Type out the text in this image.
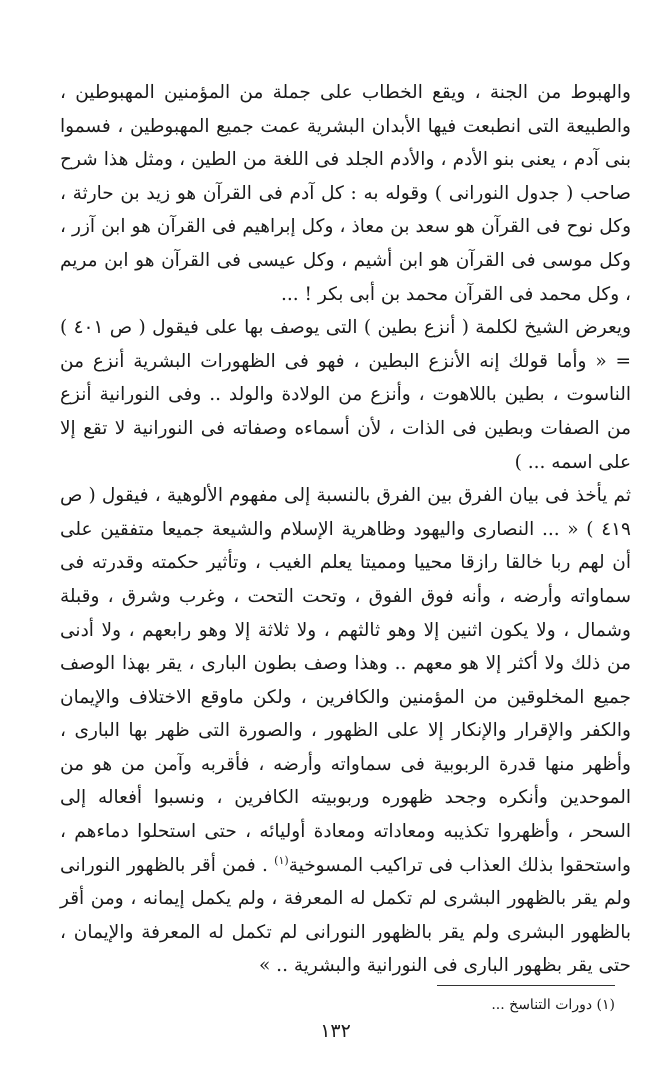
والهبوط من الجنة ، ويقع الخطاب على جملة من المؤمنين المهبوطين ، والطبيعة التى انطبعت فيها الأبدان البشرية عمت جميع المهبوطين ، فسموا بنى آدم ، يعنى بنو الأدم ، والأدم الجلد فى اللغة من الطين ، ومثل هذا شرح صاحب ( جدول النورانى ) وقوله به : كل آدم فى القرآن هو زيد بن حارثة ، وكل نوح فى القرآن هو سعد بن معاذ ، وكل إبراهيم فى القرآن هو ابن آزر ، وكل موسى فى القرآن هو ابن أشيم ، وكل عيسى فى القرآن هو ابن مريم ، وكل محمد فى القرآن محمد بن أبى بكر ! ...

ويعرض الشيخ لكلمة ( أنزع بطين ) التى يوصف بها على فيقول ( ص ٤٠١ ) = « وأما قولك إنه الأنزع البطين ، فهو فى الظهورات البشرية أنزع من الناسوت ، بطين باللاهوت ، وأنزع من الولادة والولد .. وفى النورانية أنزع من الصفات وبطين فى الذات ، لأن أسماءه وصفاته فى النورانية لا تقع إلا على اسمه ... )

ثم يأخذ فى بيان الفرق بين الفرق بالنسبة إلى مفهوم الألوهية ، فيقول ( ص ٤١٩ ) « ... النصارى واليهود وظاهرية الإسلام والشيعة جميعا متفقين على أن لهم ربا خالقا رازقا محييا ومميتا يعلم الغيب ، وتأثير حكمته وقدرته فى سماواته وأرضه ، وأنه فوق الفوق ، وتحت التحت ، وغرب وشرق ، وقبلة وشمال ، ولا يكون اثنين إلا وهو ثالثهم ، ولا ثلاثة إلا وهو رابعهم ، ولا أدنى من ذلك ولا أكثر إلا هو معهم .. وهذا وصف بطون البارى ، يقر بهذا الوصف جميع المخلوقين من المؤمنين والكافرين ، ولكن ماوقع الاختلاف والإيمان والكفر والإقرار والإنكار إلا على الظهور ، والصورة التى ظهر بها البارى ، وأظهر منها قدرة الربوبية فى سماواته وأرضه ، فأقربه وآمن من هو من الموحدين وأنكره وجحد ظهوره وربوبيته الكافرين ، ونسبوا أفعاله إلى السحر ، وأظهروا تكذيبه ومعاداته ومعادة أوليائه ، حتى استحلوا دماءهم ، واستحقوا بذلك العذاب فى تراكيب المسوخية$^{(١)}$ . فمن أقر بالظهور النورانى ولم يقر بالظهور البشرى لم تكمل له المعرفة ، ولم يكمل إيمانه ، ومن أقر بالظهور البشرى ولم يقر بالظهور النورانى لم تكمل له المعرفة والإيمان ، حتى يقر بظهور البارى فى النورانية والبشرية .. »

(١) دورات التناسخ ...
١٣٢
